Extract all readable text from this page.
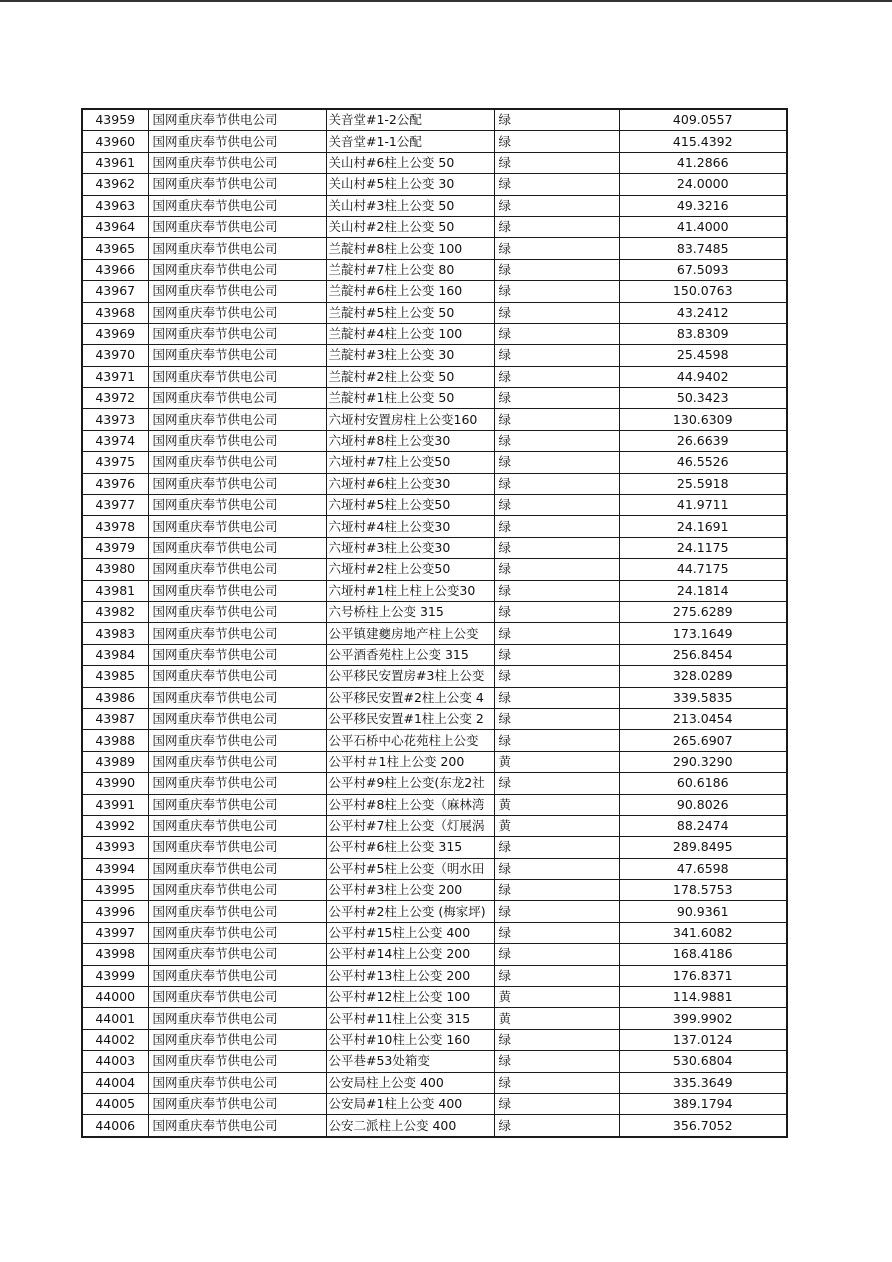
43959	国网重庆奉节供电公司	关音堂#1-2公配	绿	409.0557
43960	国网重庆奉节供电公司	关音堂#1-1公配	绿	415.4392
43961	国网重庆奉节供电公司	关山村#6柱上公变 50	绿	41.2866
43962	国网重庆奉节供电公司	关山村#5柱上公变 30	绿	24.0000
43963	国网重庆奉节供电公司	关山村#3柱上公变 50	绿	49.3216
43964	国网重庆奉节供电公司	关山村#2柱上公变 50	绿	41.4000
43965	国网重庆奉节供电公司	兰靛村#8柱上公变 100	绿	83.7485
43966	国网重庆奉节供电公司	兰靛村#7柱上公变 80	绿	67.5093
43967	国网重庆奉节供电公司	兰靛村#6柱上公变 160	绿	150.0763
43968	国网重庆奉节供电公司	兰靛村#5柱上公变 50	绿	43.2412
43969	国网重庆奉节供电公司	兰靛村#4柱上公变 100	绿	83.8309
43970	国网重庆奉节供电公司	兰靛村#3柱上公变 30	绿	25.4598
43971	国网重庆奉节供电公司	兰靛村#2柱上公变 50	绿	44.9402
43972	国网重庆奉节供电公司	兰靛村#1柱上公变 50	绿	50.3423
43973	国网重庆奉节供电公司	六垭村安置房柱上公变160	绿	130.6309
43974	国网重庆奉节供电公司	六垭村#8柱上公变30	绿	26.6639
43975	国网重庆奉节供电公司	六垭村#7柱上公变50	绿	46.5526
43976	国网重庆奉节供电公司	六垭村#6柱上公变30	绿	25.5918
43977	国网重庆奉节供电公司	六垭村#5柱上公变50	绿	41.9711
43978	国网重庆奉节供电公司	六垭村#4柱上公变30	绿	24.1691
43979	国网重庆奉节供电公司	六垭村#3柱上公变30	绿	24.1175
43980	国网重庆奉节供电公司	六垭村#2柱上公变50	绿	44.7175
43981	国网重庆奉节供电公司	六垭村#1柱上柱上公变30	绿	24.1814
43982	国网重庆奉节供电公司	六号桥柱上公变 315	绿	275.6289
43983	国网重庆奉节供电公司	公平镇建夔房地产柱上公变	绿	173.1649
43984	国网重庆奉节供电公司	公平酒香苑柱上公变 315	绿	256.8454
43985	国网重庆奉节供电公司	公平移民安置房#3柱上公变	绿	328.0289
43986	国网重庆奉节供电公司	公平移民安置#2柱上公变 4	绿	339.5835
43987	国网重庆奉节供电公司	公平移民安置#1柱上公变 2	绿	213.0454
43988	国网重庆奉节供电公司	公平石桥中心花苑柱上公变	绿	265.6907
43989	国网重庆奉节供电公司	公平村＃1柱上公变 200	黄	290.3290
43990	国网重庆奉节供电公司	公平村#9柱上公变(东龙2社	绿	60.6186
43991	国网重庆奉节供电公司	公平村#8柱上公变（麻林湾	黄	90.8026
43992	国网重庆奉节供电公司	公平村#7柱上公变（灯展涡	黄	88.2474
43993	国网重庆奉节供电公司	公平村#6柱上公变 315	绿	289.8495
43994	国网重庆奉节供电公司	公平村#5柱上公变（明水田	绿	47.6598
43995	国网重庆奉节供电公司	公平村#3柱上公变 200	绿	178.5753
43996	国网重庆奉节供电公司	公平村#2柱上公变 (梅家坪)	绿	90.9361
43997	国网重庆奉节供电公司	公平村#15柱上公变 400	绿	341.6082
43998	国网重庆奉节供电公司	公平村#14柱上公变 200	绿	168.4186
43999	国网重庆奉节供电公司	公平村#13柱上公变 200	绿	176.8371
44000	国网重庆奉节供电公司	公平村#12柱上公变 100	黄	114.9881
44001	国网重庆奉节供电公司	公平村#11柱上公变 315	黄	399.9902
44002	国网重庆奉节供电公司	公平村#10柱上公变 160	绿	137.0124
44003	国网重庆奉节供电公司	公平巷#53处箱变	绿	530.6804
44004	国网重庆奉节供电公司	公安局柱上公变 400	绿	335.3649
44005	国网重庆奉节供电公司	公安局#1柱上公变 400	绿	389.1794
44006	国网重庆奉节供电公司	公安二派柱上公变 400	绿	356.7052
